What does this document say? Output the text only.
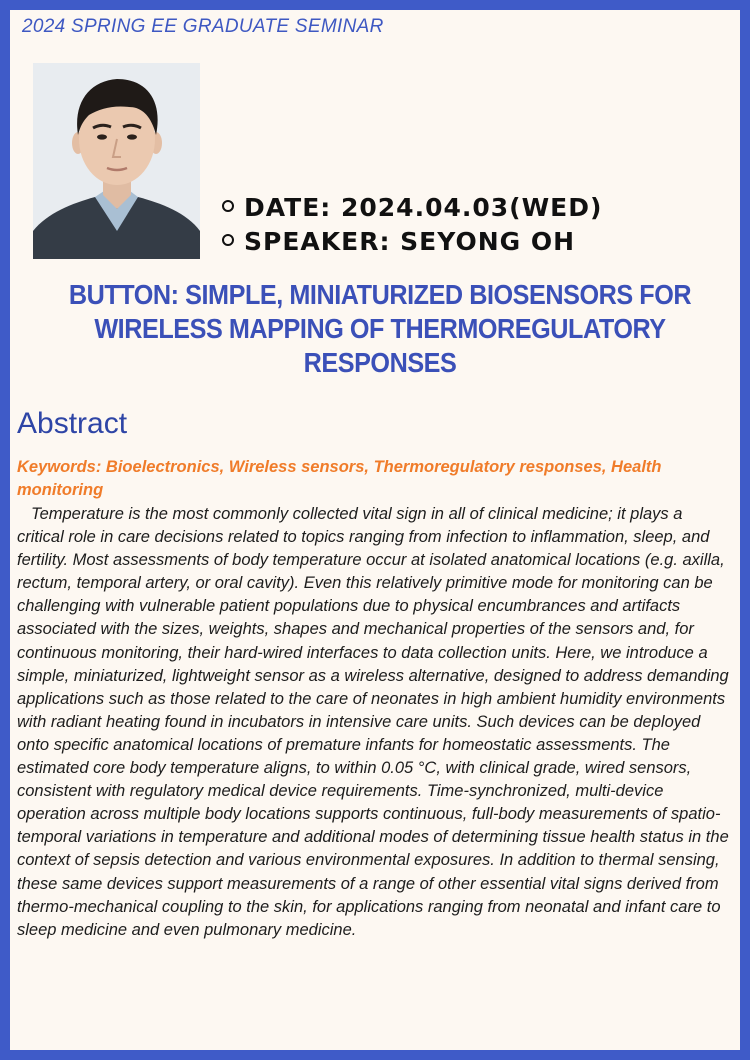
2024 SPRING EE GRADUATE SEMINAR
DATE: 2024.04.03(WED)
SPEAKER: SEYONG OH
BUTTON: SIMPLE, MINIATURIZED BIOSENSORS FOR WIRELESS MAPPING OF THERMOREGULATORY RESPONSES
Abstract
Keywords: Bioelectronics, Wireless sensors, Thermoregulatory responses, Health monitoring
Temperature is the most commonly collected vital sign in all of clinical medicine; it plays a critical role in care decisions related to topics ranging from infection to inflammation, sleep, and fertility. Most assessments of body temperature occur at isolated anatomical locations (e.g. axilla, rectum, temporal artery, or oral cavity). Even this relatively primitive mode for monitoring can be challenging with vulnerable patient populations due to physical encumbrances and artifacts associated with the sizes, weights, shapes and mechanical properties of the sensors and, for continuous monitoring, their hard-wired interfaces to data collection units. Here, we introduce a simple, miniaturized, lightweight sensor as a wireless alternative, designed to address demanding applications such as those related to the care of neonates in high ambient humidity environments with radiant heating found in incubators in intensive care units. Such devices can be deployed onto specific anatomical locations of premature infants for homeostatic assessments. The estimated core body temperature aligns, to within 0.05 °C, with clinical grade, wired sensors, consistent with regulatory medical device requirements. Time-synchronized, multi-device operation across multiple body locations supports continuous, full-body measurements of spatio-temporal variations in temperature and additional modes of determining tissue health status in the context of sepsis detection and various environmental exposures. In addition to thermal sensing, these same devices support measurements of a range of other essential vital signs derived from thermo-mechanical coupling to the skin, for applications ranging from neonatal and infant care to sleep medicine and even pulmonary medicine.
